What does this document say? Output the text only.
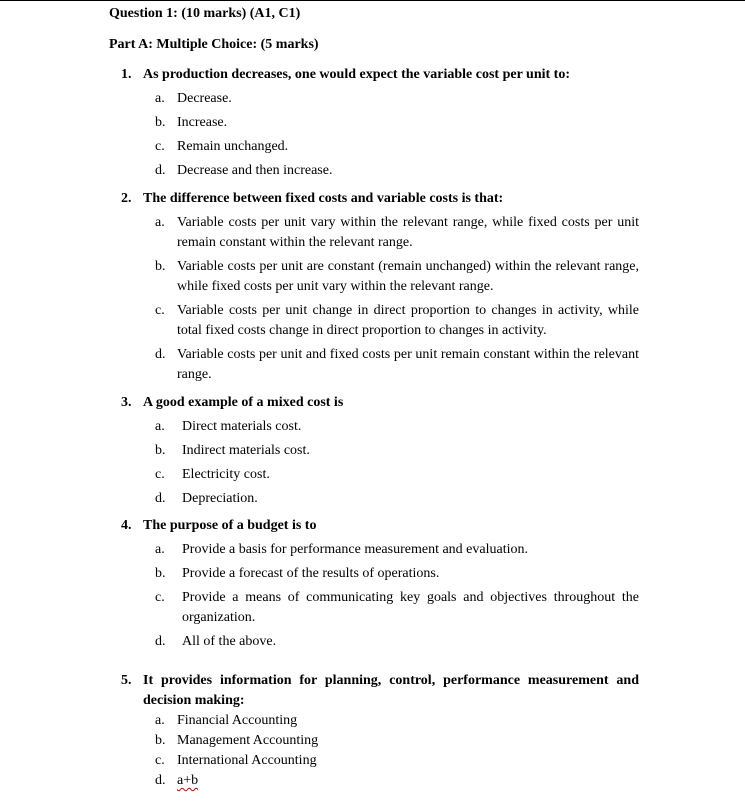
Question 1: (10 marks) (A1, C1)
Part A: Multiple Choice: (5 marks)
1. As production decreases, one would expect the variable cost per unit to:
a. Decrease.
b. Increase.
c. Remain unchanged.
d. Decrease and then increase.
2. The difference between fixed costs and variable costs is that:
a. Variable costs per unit vary within the relevant range, while fixed costs per unit remain constant within the relevant range.
b. Variable costs per unit are constant (remain unchanged) within the relevant range, while fixed costs per unit vary within the relevant range.
c. Variable costs per unit change in direct proportion to changes in activity, while total fixed costs change in direct proportion to changes in activity.
d. Variable costs per unit and fixed costs per unit remain constant within the relevant range.
3. A good example of a mixed cost is
a. Direct materials cost.
b. Indirect materials cost.
c. Electricity cost.
d. Depreciation.
4. The purpose of a budget is to
a. Provide a basis for performance measurement and evaluation.
b. Provide a forecast of the results of operations.
c. Provide a means of communicating key goals and objectives throughout the organization.
d. All of the above.
5. It provides information for planning, control, performance measurement and decision making:
a. Financial Accounting
b. Management Accounting
c. International Accounting
d. a+b
